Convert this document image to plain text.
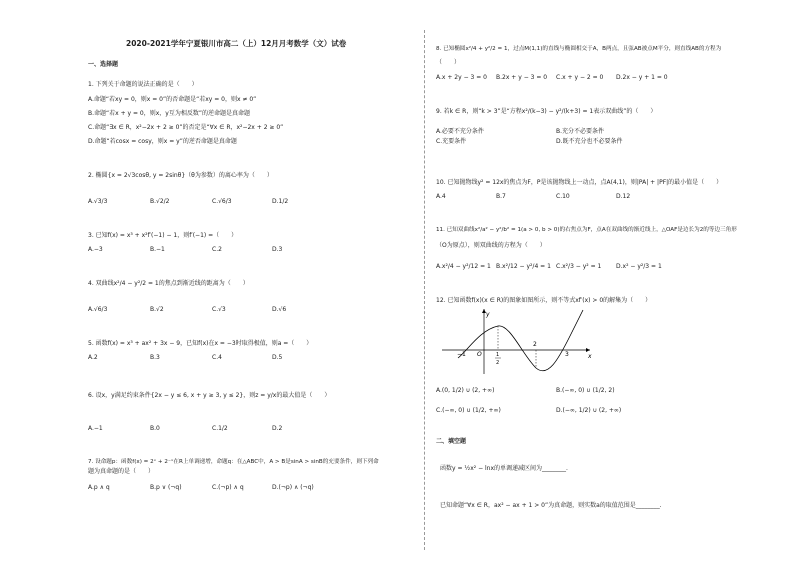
2020-2021学年宁夏银川市高二（上）12月月考数学（文）试卷
一、选择题
1. 下列关于命题的说法正确的是（　　）
A.命题“若xy = 0，则x = 0”的否命题是“若xy = 0，则x ≠ 0”
B.命题“若x + y = 0，则x，y互为相反数”的逆命题是真命题
C.命题“∃x ∈ R，x²−2x + 2 ≥ 0”的否定是“∀x ∈ R，x²−2x + 2 ≥ 0”
D.命题“若cosx = cosy，则x = y”的逆否命题是真命题
2. 椭圆{x = 2√3cosθ, y = 2sinθ}（θ为参数）的离心率为（　　）
A.√3/3	B.√2/2	C.√6/3	D.1/2
3. 已知f(x) = x³ + x²f′(−1) − 1，则f′(−1) =（　　）
A.−3	B.−1	C.2	D.3
4. 双曲线x²/4 − y²/2 = 1的焦点到渐近线的距离为（　　）
A.√6/3	B.√2	C.√3	D.√6
5. 函数f(x) = x³ + ax² + 3x − 9，已知f(x)在x = −3时取得极值，则a =（　　）
A.2	B.3	C.4	D.5
6. 设x，y满足约束条件{2x − y ≤ 6, x + y ≥ 3, y ≤ 2}，则z = y/x的最大值是（　　）
A.−1	B.0	C.1/2	D.2
7. 设命题p：函数f(x) = 2ˣ + 2⁻ˣ在R上单调递增，命题q：在△ABC中，A > B是sinA > sinB的充要条件，则下列命
题为真命题的是（　　）
A.p ∧ q	B.p ∨ (¬q)	C.(¬p) ∧ q	D.(¬p) ∧ (¬q)
8. 已知椭圆x²/4 + y²/2 = 1，过点M(1,1)的直线与椭圆相交于A，B两点，且弦AB被点M平分，则直线AB的方程为
（　　）
A.x + 2y − 3 = 0 B.2x + y − 3 = 0 C.x + y − 2 = 0 D.2x − y + 1 = 0
9. 若k ∈ R，则“k > 3”是“方程x²/(k−3) − y²/(k+3) = 1表示双曲线”的（　　）
A.必要不充分条件	B.充分不必要条件
C.充要条件	D.既不充分也不必要条件
10. 已知抛物线y² = 12x的焦点为F，P是该抛物线上一动点，点A(4,1)，则|PA| + |PF|的最小值是（　　）
A.4	B.7	C.10	D.12
11. 已知双曲线x²/a² − y²/b² = 1(a > 0, b > 0)的右焦点为F，点A在双曲线的渐近线上，△OAF是边长为2的等边三角形
（O为原点），则双曲线的方程为（　　）
A.x²/4 − y²/12 = 1 B.x²/12 − y²/4 = 1 C.x²/3 − y² = 1 D.x² − y²/3 = 1
12. 已知函数f(x)(x ∈ R)的图象如图所示，则不等式xf′(x) > 0的解集为（　　）
y
x
O
−1	1
2
2
3
A.(0, 1/2) ∪ (2, +∞)	B.(−∞, 0) ∪ (1/2, 2)
C.(−∞, 0) ∪ (1/2, +∞)	D.(−∞, 1/2) ∪ (2, +∞)
二、填空题
函数y = ½x² − lnx的单调递减区间为________.
已知命题“∀x ∈ R，ax² − ax + 1 > 0”为真命题，则实数a的取值范围是________.
